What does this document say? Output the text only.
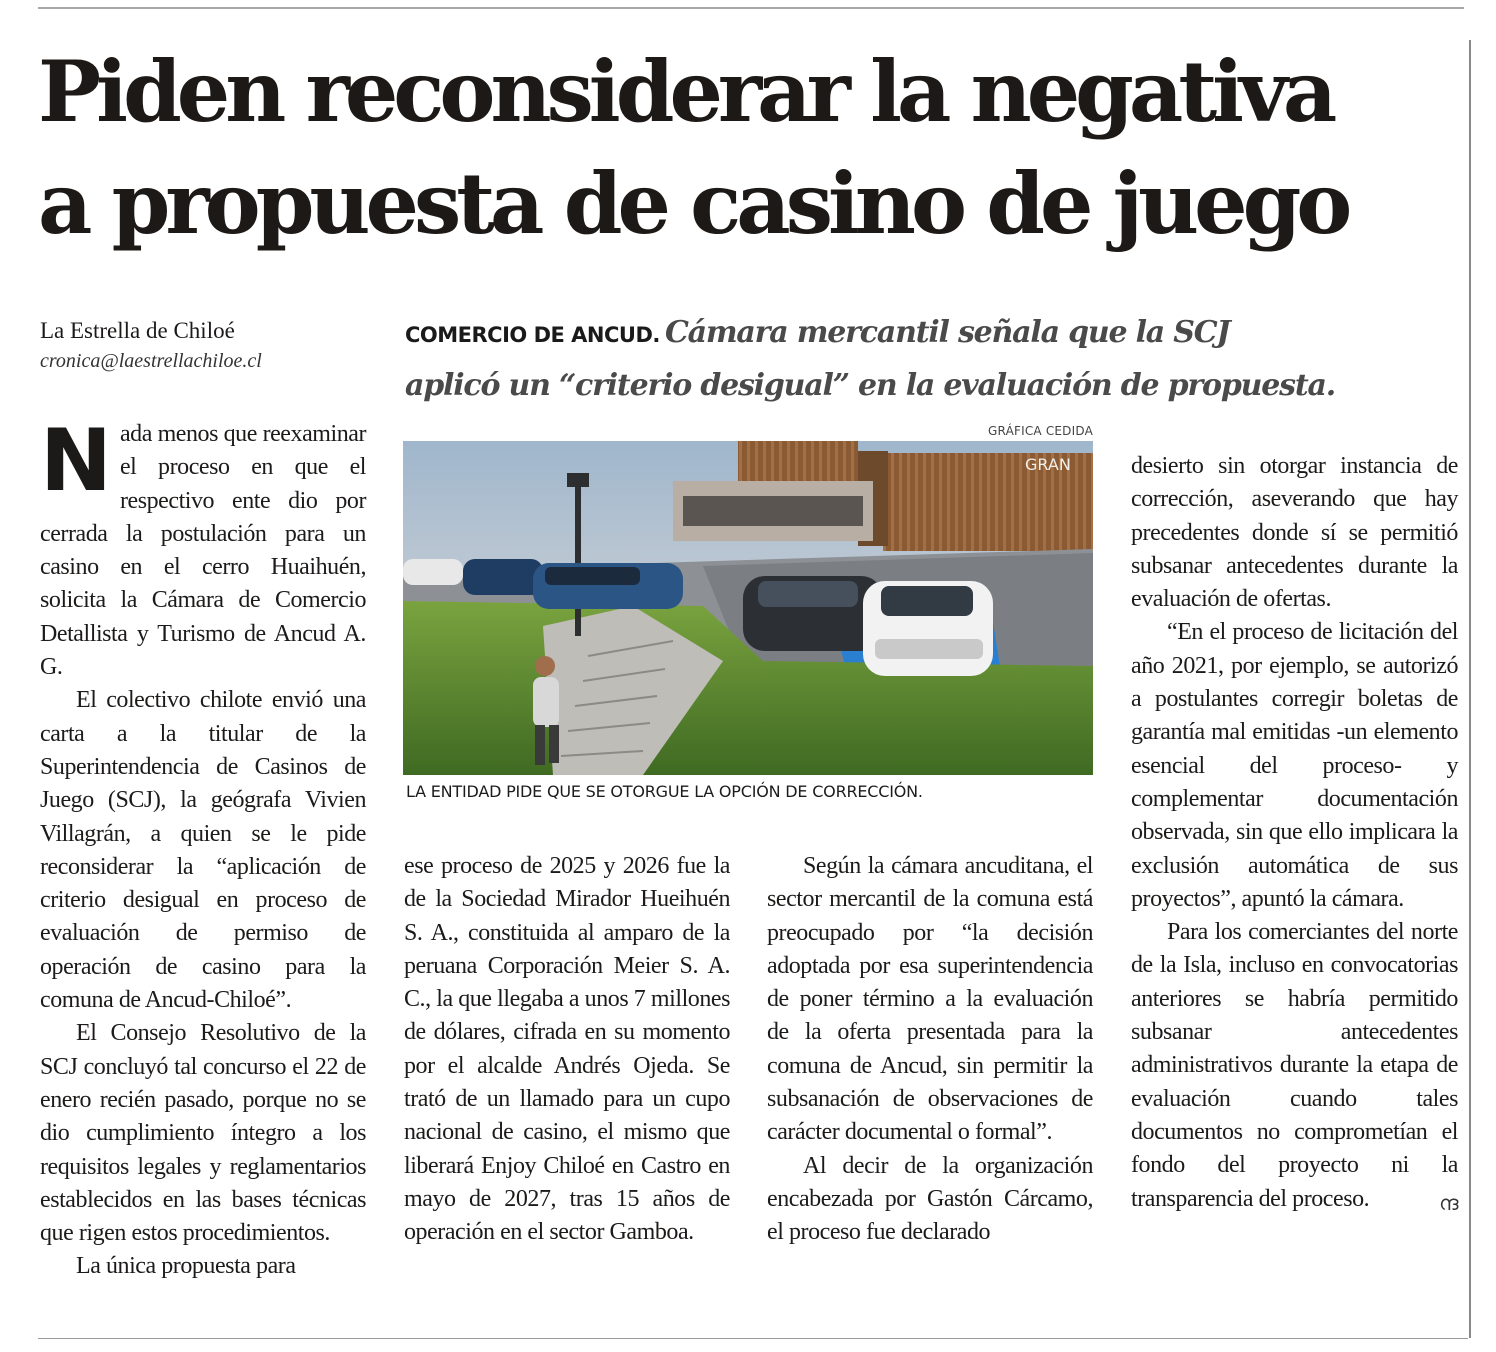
Piden reconsiderar la negativa
a propuesta de casino de juego
La Estrella de Chiloé
cronica@laestrellachiloe.cl
COMERCIO DE ANCUD. Cámara mercantil señala que la SCJ
aplicó un “criterio desigual” en la evaluación de propuesta.
GRÁFICA CEDIDA
GRAN
LA ENTIDAD PIDE QUE SE OTORGUE LA OPCIÓN DE CORRECCIÓN.

Nada menos que reexaminar el proceso en que el respectivo ente dio por cerrada la postulación para un casino en el cerro Huaihuén, solicita la Cámara de Comercio Detallista y Turismo de Ancud A. G.

El colectivo chilote envió una carta a la titular de la Superintendencia de Casinos de Juego (SCJ), la geógrafa Vivien Villagrán, a quien se le pide reconsiderar la “aplicación de criterio desigual en proceso de evaluación de permiso de operación de casino para la comuna de Ancud-Chiloé”.

El Consejo Resolutivo de la SCJ concluyó tal concurso el 22 de enero recién pasado, porque no se dio cumplimiento íntegro a los requisitos legales y reglamentarios establecidos en las bases técnicas que rigen estos procedimientos.

La única propuesta para

ese proceso de 2025 y 2026 fue la de la Sociedad Mirador Hueihuén S. A., constituida al amparo de la peruana Corporación Meier S. A. C., la que llegaba a unos 7 millones de dólares, cifrada en su momento por el alcalde Andrés Ojeda. Se trató de un llamado para un cupo nacional de casino, el mismo que liberará Enjoy Chiloé en Castro en mayo de 2027, tras 15 años de operación en el sector Gamboa.

Según la cámara ancuditana, el sector mercantil de la comuna está preocupado por “la decisión adoptada por esa superintendencia de poner término a la evaluación de la oferta presentada para la comuna de Ancud, sin permitir la subsanación de observaciones de carácter documental o formal”.

Al decir de la organización encabezada por Gastón Cárcamo, el proceso fue declarado

desierto sin otorgar instancia de corrección, aseverando que hay precedentes donde sí se permitió subsanar antecedentes durante la evaluación de ofertas.

“En el proceso de licitación del año 2021, por ejemplo, se autorizó a postulantes corregir boletas de garantía mal emitidas -un elemento esencial del proceso- y complementar documentación observada, sin que ello implicara la exclusión automática de sus proyectos”, apuntó la cámara.

Para los comerciantes del norte de la Isla, incluso en convocatorias anteriores se habría permitido subsanar antecedentes administrativos durante la etapa de evaluación cuando tales documentos no comprometían el fondo del proyecto ni la transparencia del proceso.	ന്ദ
